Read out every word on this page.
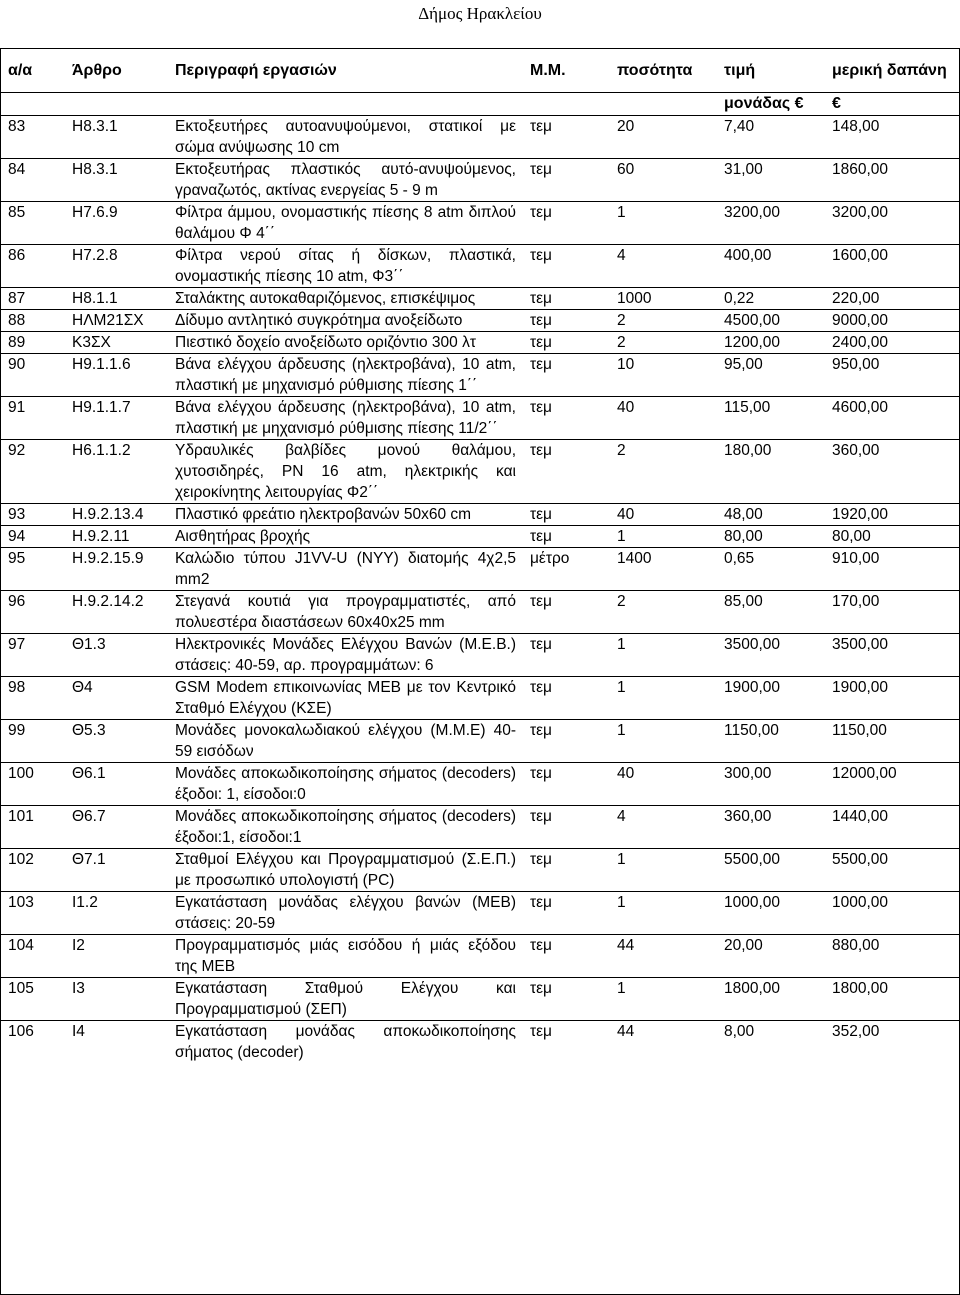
Δήμος Ηρακλείου
α/α	Άρθρο	Περιγραφή εργασιών	Μ.Μ.	ποσότητα	τιμή	μερική δαπάνη
					μονάδας €	€
83	Η8.3.1	Εκτοξευτήρες αυτοανυψούμενοι, στατικοί με σώμα ανύψωσης 10 cm	τεμ	20	7,40	148,00
84	Η8.3.1	Εκτοξευτήρας πλαστικός αυτό-ανυψούμενος, γραναζωτός, ακτίνας ενεργείας 5 - 9 m	τεμ	60	31,00	1860,00
85	Η7.6.9	Φίλτρα άμμου, ονομαστικής πίεσης 8 atm διπλού θαλάμου Φ 4΄΄	τεμ	1	3200,00	3200,00
86	Η7.2.8	Φίλτρα νερού σίτας ή δίσκων, πλαστικά, ονομαστικής πίεσης 10 atm, Φ3΄΄	τεμ	4	400,00	1600,00
87	Η8.1.1	Σταλάκτης αυτοκαθαριζόμενος, επισκέψιμος	τεμ	1000	0,22	220,00
88	ΗΛΜ21ΣΧ	Δίδυμο αντλητικό συγκρότημα ανοξείδωτο	τεμ	2	4500,00	9000,00
89	Κ3ΣΧ	Πιεστικό δοχείο ανοξείδωτο οριζόντιο 300 λτ	τεμ	2	1200,00	2400,00
90	Η9.1.1.6	Βάνα ελέγχου άρδευσης (ηλεκτροβάνα), 10 atm, πλαστική με μηχανισμό ρύθμισης πίεσης 1΄΄	τεμ	10	95,00	950,00
91	Η9.1.1.7	Βάνα ελέγχου άρδευσης (ηλεκτροβάνα), 10 atm, πλαστική με μηχανισμό ρύθμισης πίεσης 11/2΄΄	τεμ	40	115,00	4600,00
92	Η6.1.1.2	Υδραυλικές βαλβίδες μονού θαλάμου, χυτοσιδηρές, PN 16 atm, ηλεκτρικής και χειροκίνητης λειτουργίας Φ2΄΄	τεμ	2	180,00	360,00
93	Η.9.2.13.4	Πλαστικό φρεάτιο ηλεκτροβανών 50x60 cm	τεμ	40	48,00	1920,00
94	Η.9.2.11	Αισθητήρας βροχής	τεμ	1	80,00	80,00
95	Η.9.2.15.9	Καλώδιο τύπου J1VV-U (NYY) διατομής 4χ2,5 mm2	μέτρο	1400	0,65	910,00
96	Η.9.2.14.2	Στεγανά κουτιά για προγραμματιστές, από πολυεστέρα διαστάσεων 60x40x25 mm	τεμ	2	85,00	170,00
97	Θ1.3	Ηλεκτρονικές Μονάδες Ελέγχου Βανών (Μ.Ε.Β.) στάσεις: 40-59, αρ. προγραμμάτων: 6	τεμ	1	3500,00	3500,00
98	Θ4	GSM Modem επικοινωνίας ΜΕΒ με τον Κεντρικό Σταθμό Ελέγχου (ΚΣΕ)	τεμ	1	1900,00	1900,00
99	Θ5.3	Μονάδες μονοκαλωδιακού ελέγχου (Μ.Μ.Ε) 40-59 εισόδων	τεμ	1	1150,00	1150,00
100	Θ6.1	Μονάδες αποκωδικοποίησης σήματος (decoders) έξοδοι: 1, είσοδοι:0	τεμ	40	300,00	12000,00
101	Θ6.7	Μονάδες αποκωδικοποίησης σήματος (decoders) έξοδοι:1, είσοδοι:1	τεμ	4	360,00	1440,00
102	Θ7.1	Σταθμοί Ελέγχου και Προγραμματισμού (Σ.Ε.Π.) με προσωπικό υπολογιστή (PC)	τεμ	1	5500,00	5500,00
103	Ι1.2	Εγκατάσταση μονάδας ελέγχου βανών (ΜΕΒ) στάσεις: 20-59	τεμ	1	1000,00	1000,00
104	Ι2	Προγραμματισμός μιάς εισόδου ή μιάς εξόδου της ΜΕΒ	τεμ	44	20,00	880,00
105	Ι3	Εγκατάσταση Σταθμού Ελέγχου και Προγραμματισμού (ΣΕΠ)	τεμ	1	1800,00	1800,00
106	Ι4	Εγκατάσταση μονάδας αποκωδικοποίησης σήματος (decoder)	τεμ	44	8,00	352,00
